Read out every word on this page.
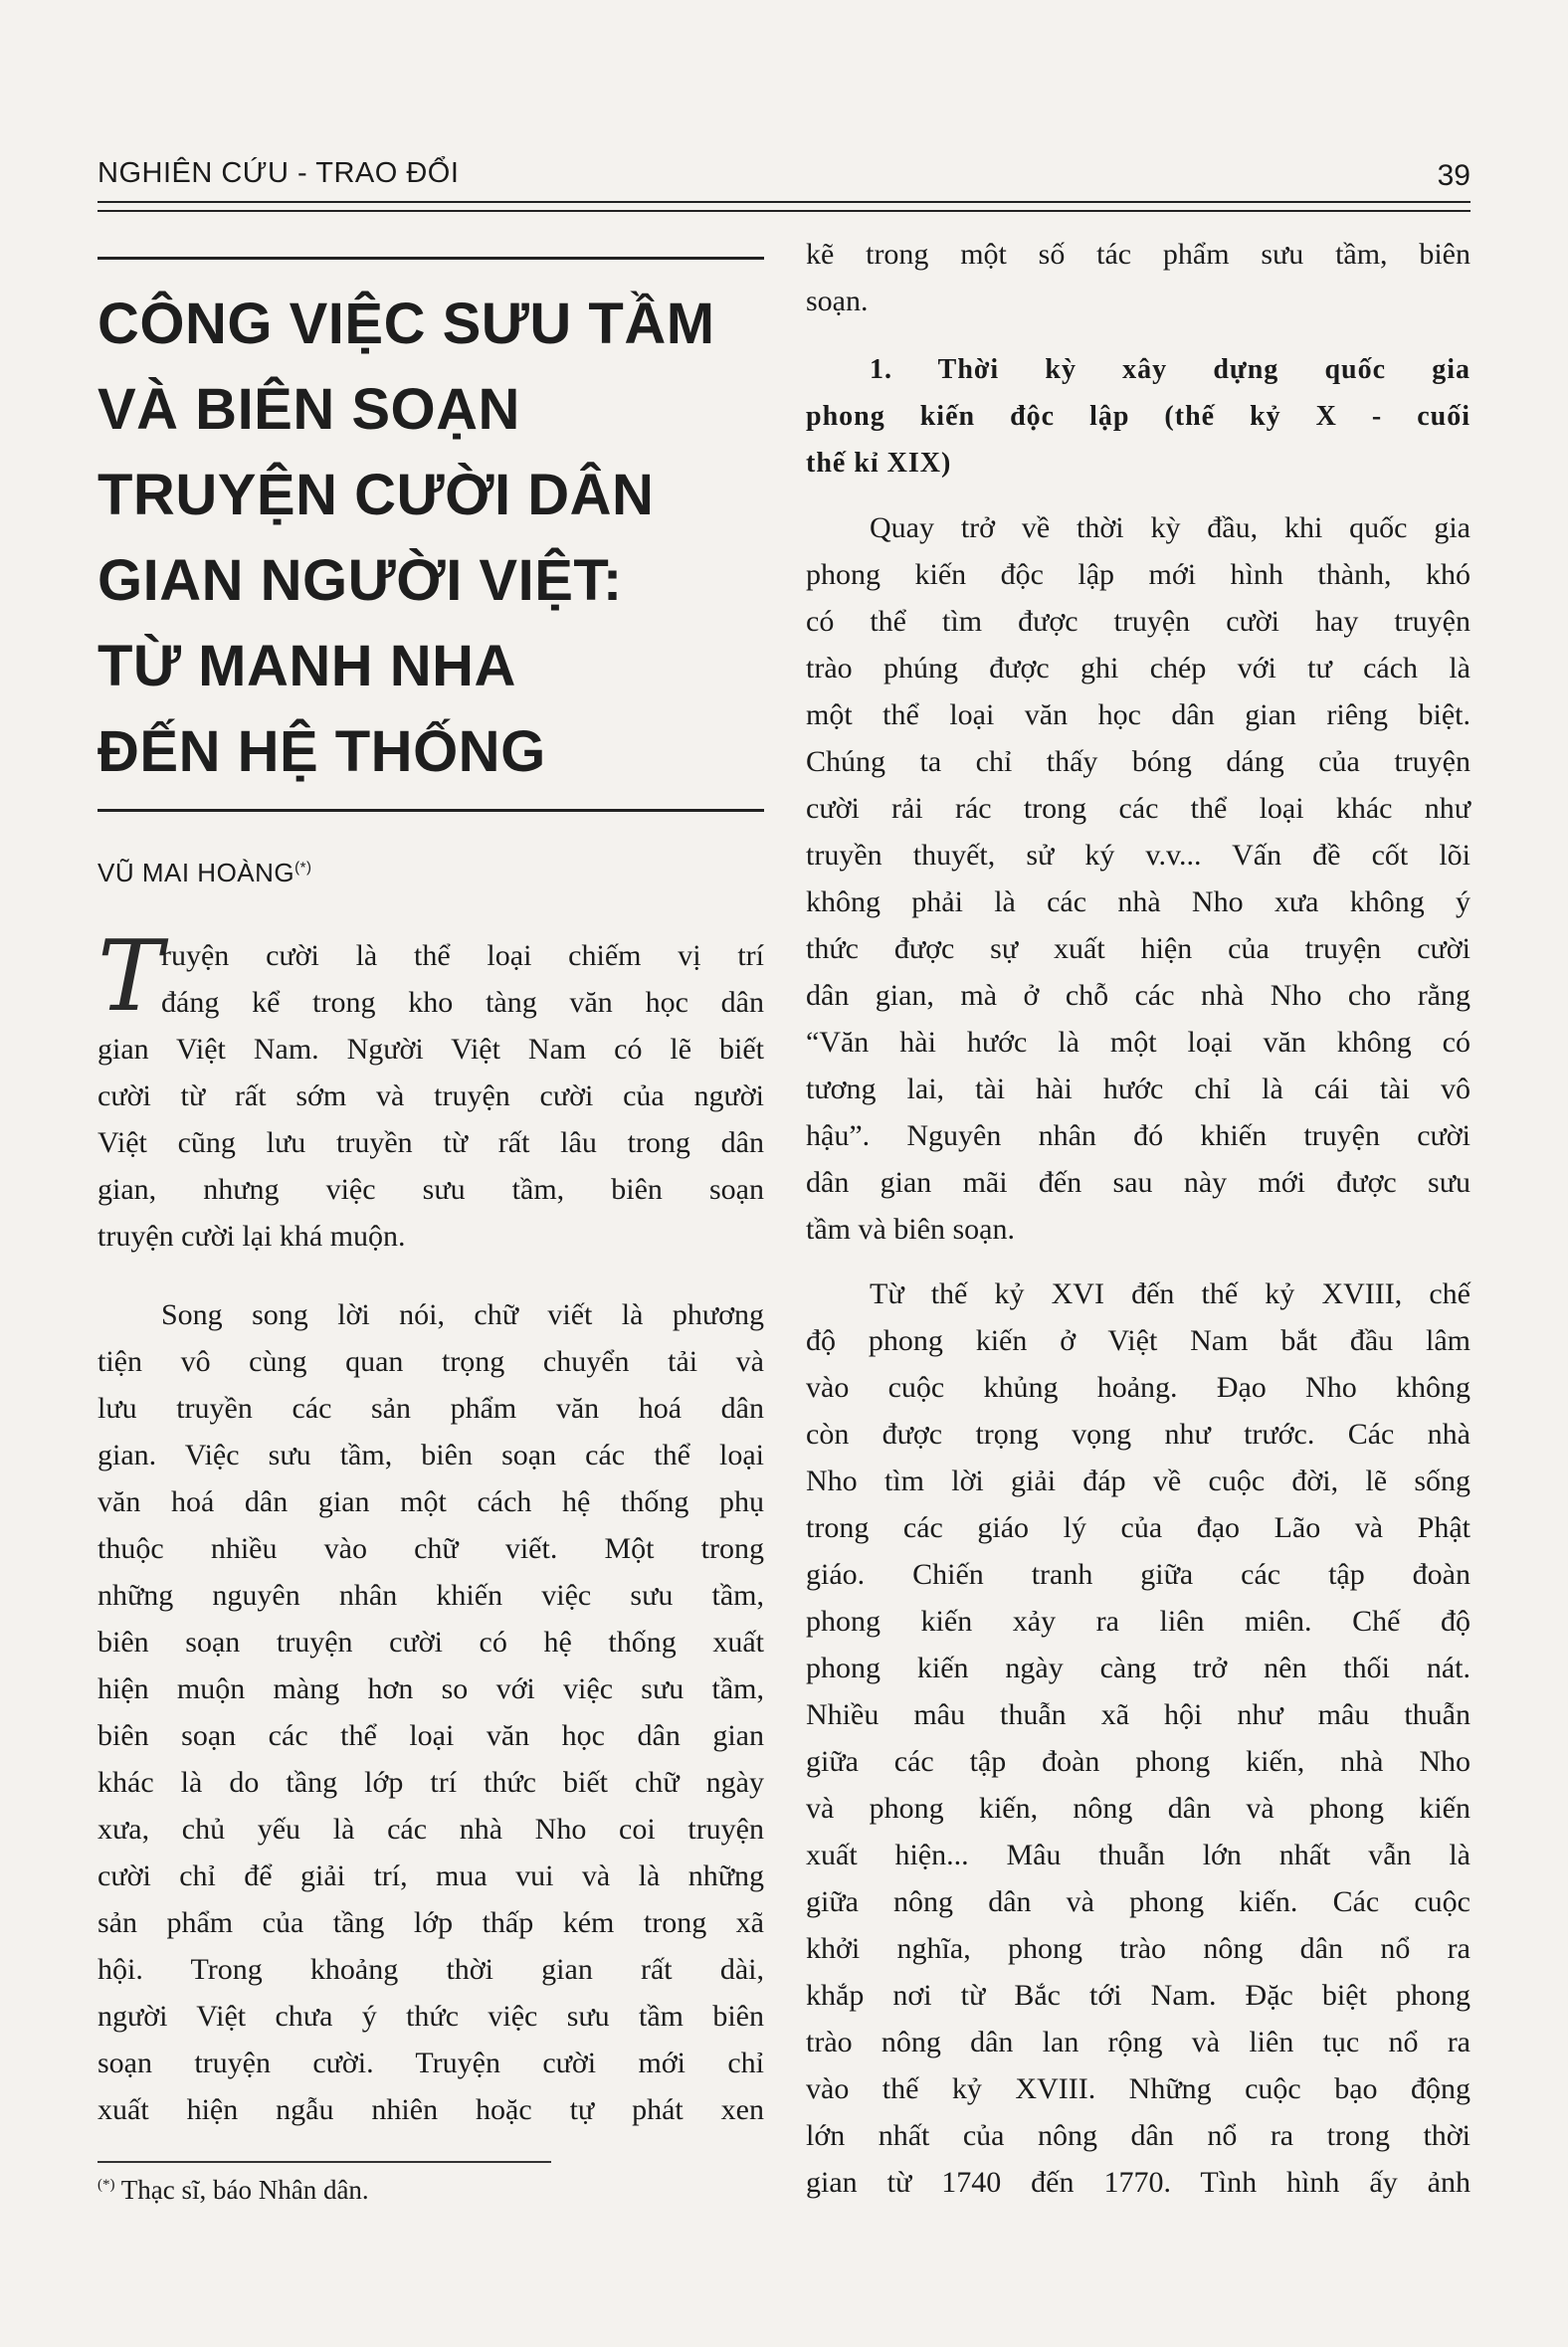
NGHIÊN CỨU - TRAO ĐỔI	39
CÔNG VIỆC SƯU TẦM
VÀ BIÊN SOẠN
TRUYỆN CƯỜI DÂN
GIAN NGƯỜI VIỆT:
TỪ MANH NHA
ĐẾN HỆ THỐNG
VŨ MAI HOÀNG(*)
T
ruyện cười là thể loại chiếm vị trí
đáng kể trong kho tàng văn học dân
gian Việt Nam. Người Việt Nam có lẽ biết
cười từ rất sớm và truyện cười của người
Việt cũng lưu truyền từ rất lâu trong dân
gian, nhưng việc sưu tầm, biên soạn
truyện cười lại khá muộn.
Song song lời nói, chữ viết là phương
tiện vô cùng quan trọng chuyển tải và
lưu truyền các sản phẩm văn hoá dân
gian. Việc sưu tầm, biên soạn các thể loại
văn hoá dân gian một cách hệ thống phụ
thuộc nhiều vào chữ viết. Một trong
những nguyên nhân khiến việc sưu tầm,
biên soạn truyện cười có hệ thống xuất
hiện muộn màng hơn so với việc sưu tầm,
biên soạn các thể loại văn học dân gian
khác là do tầng lớp trí thức biết chữ ngày
xưa, chủ yếu là các nhà Nho coi truyện
cười chỉ để giải trí, mua vui và là những
sản phẩm của tầng lớp thấp kém trong xã
hội. Trong khoảng thời gian rất dài,
người Việt chưa ý thức việc sưu tầm biên
soạn truyện cười. Truyện cười mới chỉ
xuất hiện ngẫu nhiên hoặc tự phát xen
(*) Thạc sĩ, báo Nhân dân.
kẽ trong một số tác phẩm sưu tầm, biên
soạn.
1. Thời kỳ xây dựng quốc gia
phong kiến độc lập (thế kỷ X - cuối
thế kỉ XIX)
Quay trở về thời kỳ đầu, khi quốc gia
phong kiến độc lập mới hình thành, khó
có thể tìm được truyện cười hay truyện
trào phúng được ghi chép với tư cách là
một thể loại văn học dân gian riêng biệt.
Chúng ta chỉ thấy bóng dáng của truyện
cười rải rác trong các thể loại khác như
truyền thuyết, sử ký v.v... Vấn đề cốt lõi
không phải là các nhà Nho xưa không ý
thức được sự xuất hiện của truyện cười
dân gian, mà ở chỗ các nhà Nho cho rằng
“Văn hài hước là một loại văn không có
tương lai, tài hài hước chỉ là cái tài vô
hậu”. Nguyên nhân đó khiến truyện cười
dân gian mãi đến sau này mới được sưu
tầm và biên soạn.
Từ thế kỷ XVI đến thế kỷ XVIII, chế
độ phong kiến ở Việt Nam bắt đầu lâm
vào cuộc khủng hoảng. Đạo Nho không
còn được trọng vọng như trước. Các nhà
Nho tìm lời giải đáp về cuộc đời, lẽ sống
trong các giáo lý của đạo Lão và Phật
giáo. Chiến tranh giữa các tập đoàn
phong kiến xảy ra liên miên. Chế độ
phong kiến ngày càng trở nên thối nát.
Nhiều mâu thuẫn xã hội như mâu thuẫn
giữa các tập đoàn phong kiến, nhà Nho
và phong kiến, nông dân và phong kiến
xuất hiện... Mâu thuẫn lớn nhất vẫn là
giữa nông dân và phong kiến. Các cuộc
khởi nghĩa, phong trào nông dân nổ ra
khắp nơi từ Bắc tới Nam. Đặc biệt phong
trào nông dân lan rộng và liên tục nổ ra
vào thế kỷ XVIII. Những cuộc bạo động
lớn nhất của nông dân nổ ra trong thời
gian từ 1740 đến 1770. Tình hình ấy ảnh
